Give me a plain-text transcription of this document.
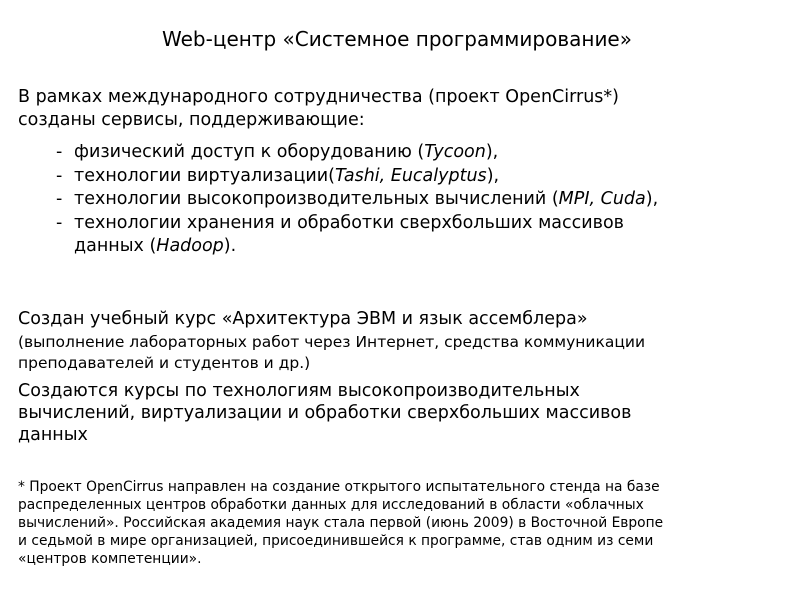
Web-центр «Системное программирование»
В рамках международного сотрудничества (проект OpenCirrus*)
созданы сервисы, поддерживающие:
- физический доступ к оборудованию (Tycoon),
- технологии виртуализации(Tashi, Eucalyptus),
- технологии высокопроизводительных вычислений (MPI, Cuda),
- технологии хранения и обработки сверхбольших массивов
данных (Hadoop).
Создан учебный курс «Архитектура ЭВМ и язык ассемблера»
(выполнение лабораторных работ через Интернет, средства коммуникации
преподавателей и студентов и др.)
Создаются курсы по технологиям высокопроизводительных
вычислений, виртуализации и обработки сверхбольших массивов
данных
* Проект OpenCirrus направлен на создание открытого испытательного стенда на базе
распределенных центров обработки данных для исследований в области «облачных
вычислений». Российская академия наук стала первой (июнь 2009) в Восточной Европе
и седьмой в мире организацией, присоединившейся к программе, став одним из семи
«центров компетенции».
